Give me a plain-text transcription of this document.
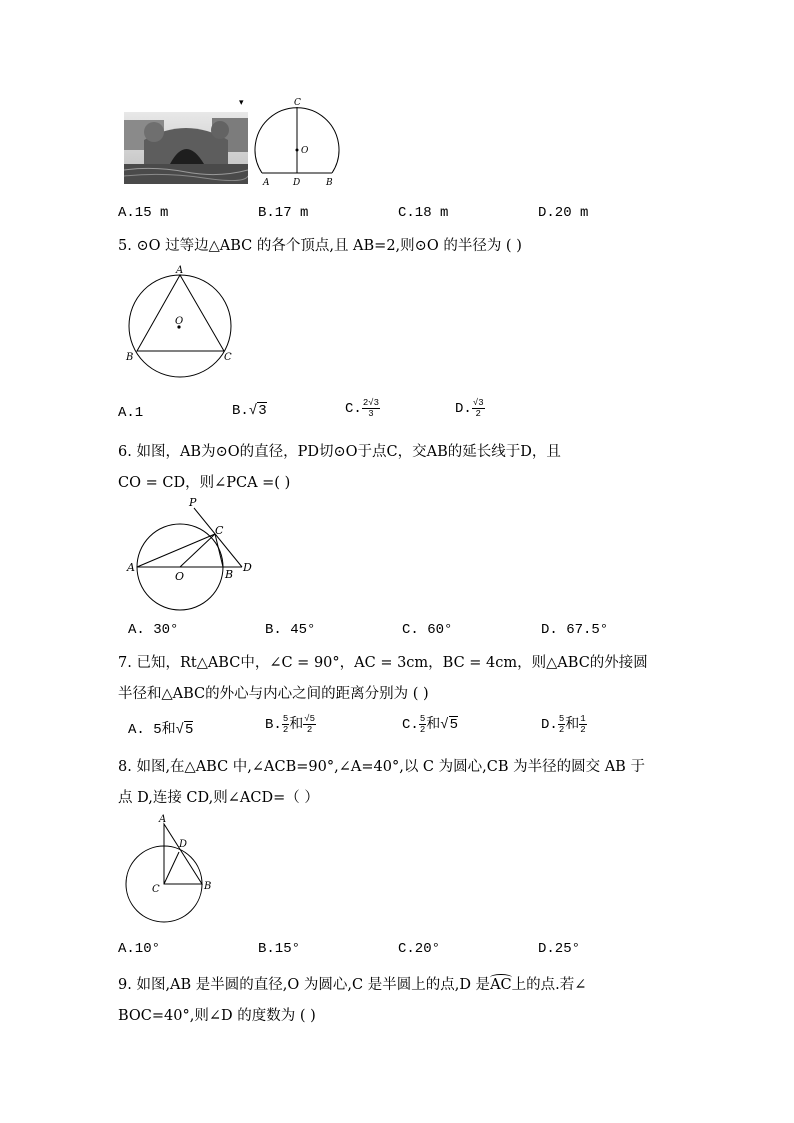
▾	C
O
A	D	B
A.15 m	B.17 m	C.18 m	D.20 m
5. ⊙O 过等边△ABC 的各个顶点,且 AB=2,则⊙O 的半径为 ( )
A
O
B	C
A.1	B.√3	C. $\frac{2√3}{3}$	D. $\frac{√3}{2}$
6. 如图，AB为⊙O的直径，PD切⊙O于点C，交AB的延长线于D，且
CO = CD，则∠PCA =( )
P
C
A
O	B
D
A. 30°	B. 45°	C. 60°	D. 67.5°
7. 已知，Rt△ABC中，∠C = 90°，AC = 3cm，BC = 4cm，则△ABC的外接圆
半径和△ABC的外心与内心之间的距离分别为 ( )
A. 5和√5	B. $\frac{5}{2}$ 和 $\frac{√5}{2}$	C. $\frac{5}{2}$ 和√5	D. $\frac{5}{2}$ 和 $\frac{1}{2}$
8. 如图,在△ABC 中,∠ACB=90°,∠A=40°,以 C 为圆心,CB 为半径的圆交 AB 于
点 D,连接 CD,则∠ACD=（ ）
A
D
C	B
A.10°	B.15°	C.20°	D.25°
9. 如图,AB 是半圆的直径,O 为圆心,C 是半圆上的点,D 是
AC上的点.若∠
BOC=40°,则∠D 的度数为 ( )
